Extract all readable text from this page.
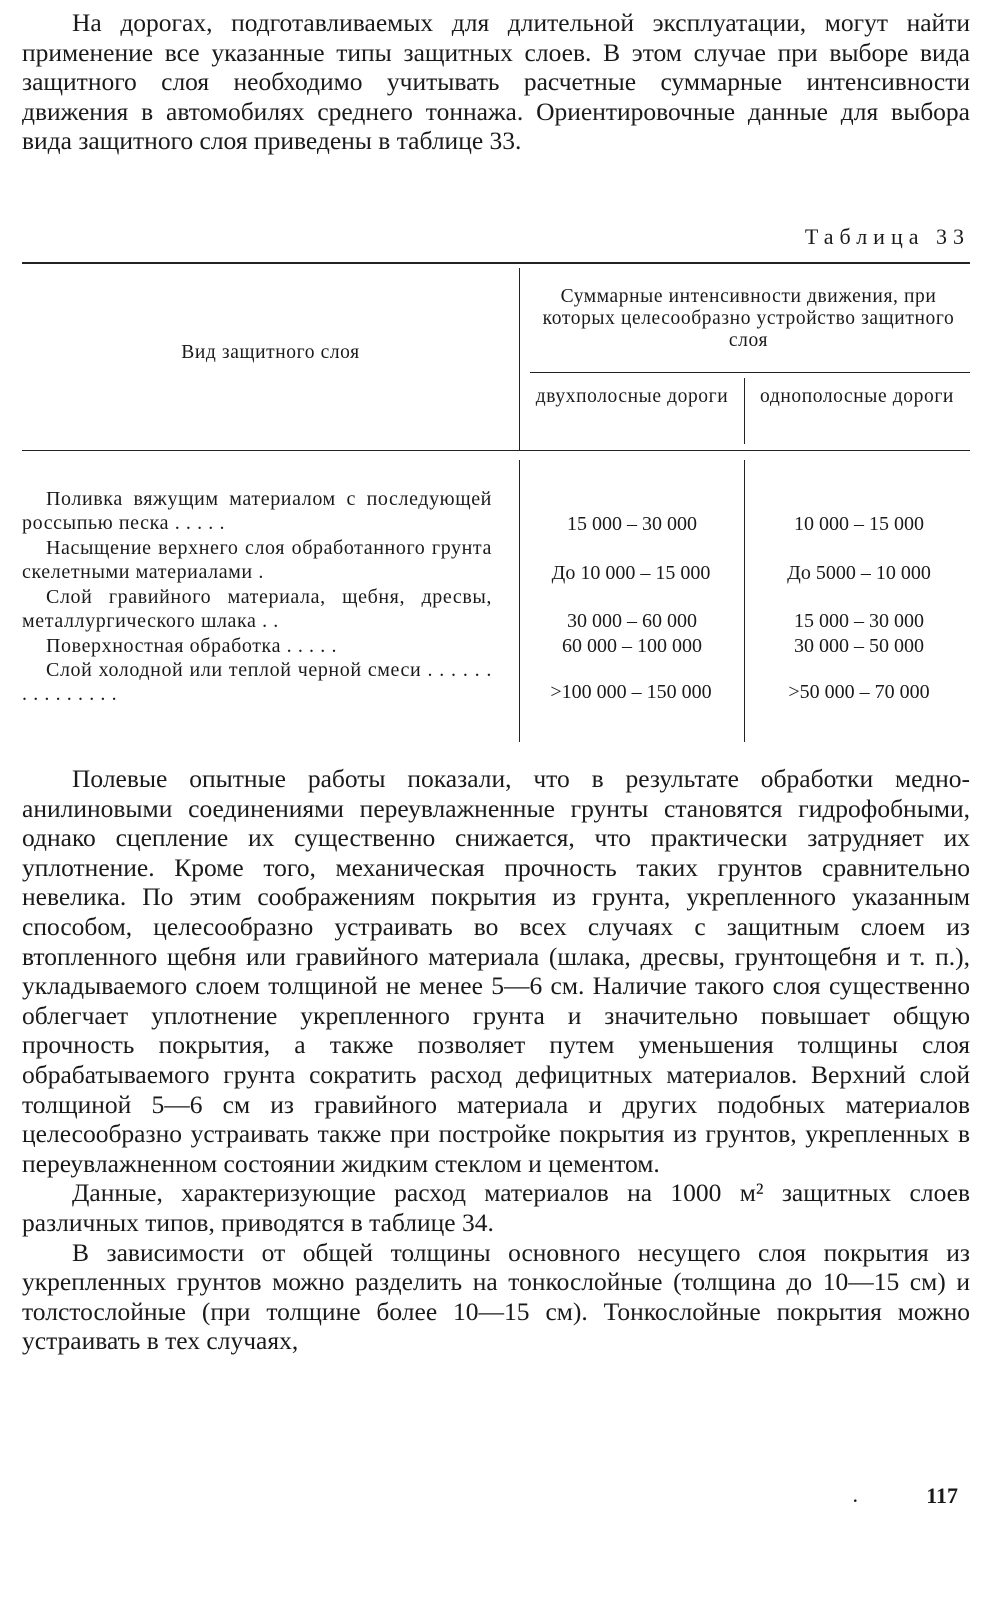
На дорогах, подготавливаемых для длительной эксплуатации, могут найти применение все указанные типы защитных слоев. В этом случае при выборе вида защитного слоя необходимо учитывать расчетные суммарные интенсивности движения в автомобилях среднего тоннажа. Ориентировочные данные для выбора вида защитного слоя приведены в таблице 33.

Таблица 33
Вид защитного слоя
Суммарные интенсивности движения, при которых целесообразно устройство защитного слоя
двухполосные дороги	однополосные дороги
Поливка вяжущим материалом с последующей россыпью песка . . . . .	15 000 – 30 000	10 000 – 15 000
Насыщение верхнего слоя обработанного грунта скелетными материалами .	До 10 000 – 15 000	До 5000 – 10 000
Слой гравийного материала, щебня, дресвы, металлургического шлака . .	30 000 – 60 000	15 000 – 30 000
Поверхностная обработка . . . . .	60 000 – 100 000	30 000 – 50 000
Слой холодной или теплой черной смеси . . . . . . . . . . . . . . .	>100 000 – 150 000	>50 000 – 70 000

Полевые опытные работы показали, что в результате обработки медно-анилиновыми соединениями переувлажненные грунты становятся гидрофобными, однако сцепление их существенно снижается, что практически затрудняет их уплотнение. Кроме того, механическая прочность таких грунтов сравнительно невелика. По этим соображениям покрытия из грунта, укрепленного указанным способом, целесообразно устраивать во всех случаях с защитным слоем из втопленного щебня или гравийного материала (шлака, дресвы, грунтощебня и т. п.), укладываемого слоем толщиной не менее 5—6 см. Наличие такого слоя существенно облегчает уплотнение укрепленного грунта и значительно повышает общую прочность покрытия, а также позволяет путем уменьшения толщины слоя обрабатываемого грунта сократить расход дефицитных материалов. Верхний слой толщиной 5—6 см из гравийного материала и других подобных материалов целесообразно устраивать также при постройке покрытия из грунтов, укрепленных в переувлажненном состоянии жидким стеклом и цементом.

Данные, характеризующие расход материалов на 1000 м² защитных слоев различных типов, приводятся в таблице 34.

В зависимости от общей толщины основного несущего слоя покрытия из укрепленных грунтов можно разделить на тонкослойные (толщина до 10—15 см) и толстослойные (при толщине более 10—15 см). Тонкослойные покрытия можно устраивать в тех случаях,

.	117
